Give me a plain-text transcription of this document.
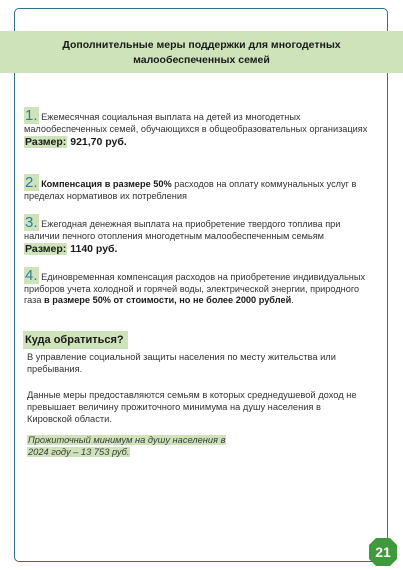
Дополнительные меры поддержки для многодетных
малообеспеченных семей
1. Ежемесячная социальная выплата на детей из многодетных малообеспеченных семей, обучающихся в общеобразовательных организациях
Размер: 921,70 руб.
2. Компенсация в размере 50% расходов на оплату коммунальных услуг в пределах нормативов их потребления
3. Ежегодная денежная выплата на приобретение твердого топлива при наличии печного отопления многодетным малообеспеченным семьям
Размер: 1140 руб.
4. Единовременная компенсация расходов на приобретение индивидуальных приборов учета холодной и горячей воды, электрической энергии, природного газа в размере 50% от стоимости, но не более 2000 рублей.
Куда обратиться?
В управление социальной защиты населения по месту жительства или пребывания.
Данные меры предоставляются семьям в которых среднедушевой доход не превышает величину прожиточного минимума на душу населения в Кировской области.
Прожиточный минимум на душу населения в
2024 году – 13 753 руб.
21
